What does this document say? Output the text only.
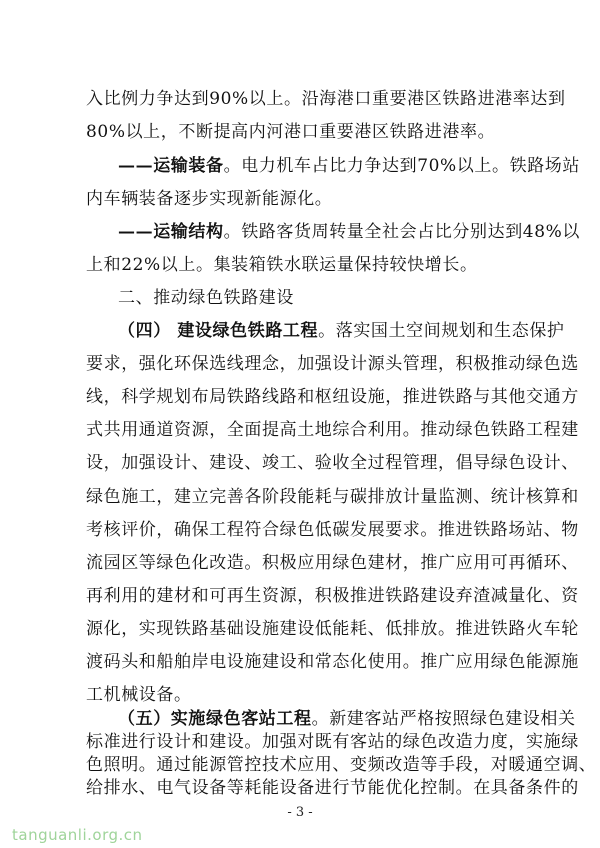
入比例力争达到90%以上。沿海港口重要港区铁路进港率达到
80%以上，不断提高内河港口重要港区铁路进港率。
——运输装备。电力机车占比力争达到70%以上。铁路场站
内车辆装备逐步实现新能源化。
——运输结构。铁路客货周转量全社会占比分别达到48%以
上和22%以上。集装箱铁水联运量保持较快增长。
二、推动绿色铁路建设
（四） 建设绿色铁路工程。落实国土空间规划和生态保护
要求，强化环保选线理念，加强设计源头管理，积极推动绿色选
线，科学规划布局铁路线路和枢纽设施，推进铁路与其他交通方
式共用通道资源，全面提高土地综合利用。推动绿色铁路工程建
设，加强设计、建设、竣工、验收全过程管理，倡导绿色设计、
绿色施工，建立完善各阶段能耗与碳排放计量监测、统计核算和
考核评价，确保工程符合绿色低碳发展要求。推进铁路场站、物
流园区等绿色化改造。积极应用绿色建材，推广应用可再循环、
再利用的建材和可再生资源，积极推进铁路建设弃渣减量化、资
源化，实现铁路基础设施建设低能耗、低排放。推进铁路火车轮
渡码头和船舶岸电设施建设和常态化使用。推广应用绿色能源施
工机械设备。
（五）实施绿色客站工程。新建客站严格按照绿色建设相关
标准进行设计和建设。加强对既有客站的绿色改造力度，实施绿
- 3 -
tanguanli.org.cn
色照明。通过能源管控技术应用、变频改造等手段，对暖通空调、
给排水、电气设备等耗能设备进行节能优化控制。在具备条件的
